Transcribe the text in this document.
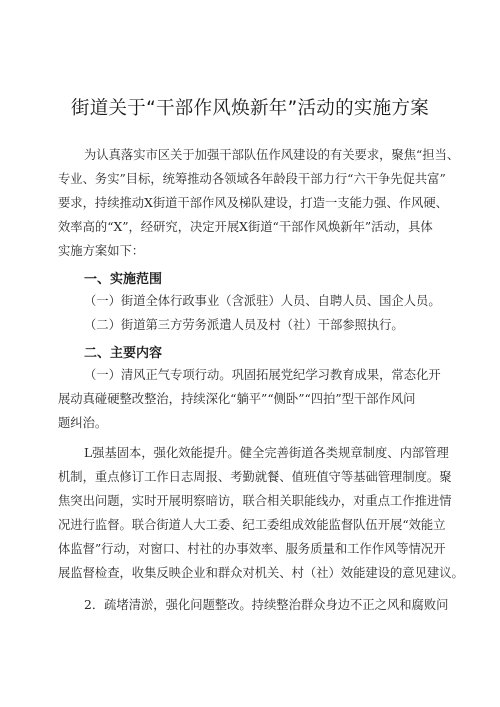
街道关于“干部作风焕新年”活动的实施方案
为认真落实市区关于加强干部队伍作风建设的有关要求，聚焦“担当、
专业、务实”目标，统筹推动各领域各年龄段干部力行“六干争先促共富”
要求，持续推动X街道干部作风及梯队建设，打造一支能力强、作风硬、
效率高的“X”，经研究，决定开展X街道“干部作风焕新年”活动，具体
实施方案如下：
一、实施范围
（一）街道全体行政事业（含派驻）人员、自聘人员、国企人员。
（二）街道第三方劳务派遣人员及村（社）干部参照执行。
二、主要内容
（一）清风正气专项行动。巩固拓展党纪学习教育成果，常态化开
展动真碰硬整改整治，持续深化“躺平”“侧卧”“四拍”型干部作风问
题纠治。
L强基固本，强化效能提升。健全完善街道各类规章制度、内部管理
机制，重点修订工作日志周报、考勤就餐、值班值守等基础管理制度。聚
焦突出问题，实时开展明察暗访，联合相关职能线办，对重点工作推进情
况进行监督。联合街道人大工委、纪工委组成效能监督队伍开展“效能立
体监督”行动，对窗口、村社的办事效率、服务质量和工作作风等情况开
展监督检查，收集反映企业和群众对机关、村（社）效能建设的意见建议。
2．疏堵清淤，强化问题整改。持续整治群众身边不正之风和腐败问
